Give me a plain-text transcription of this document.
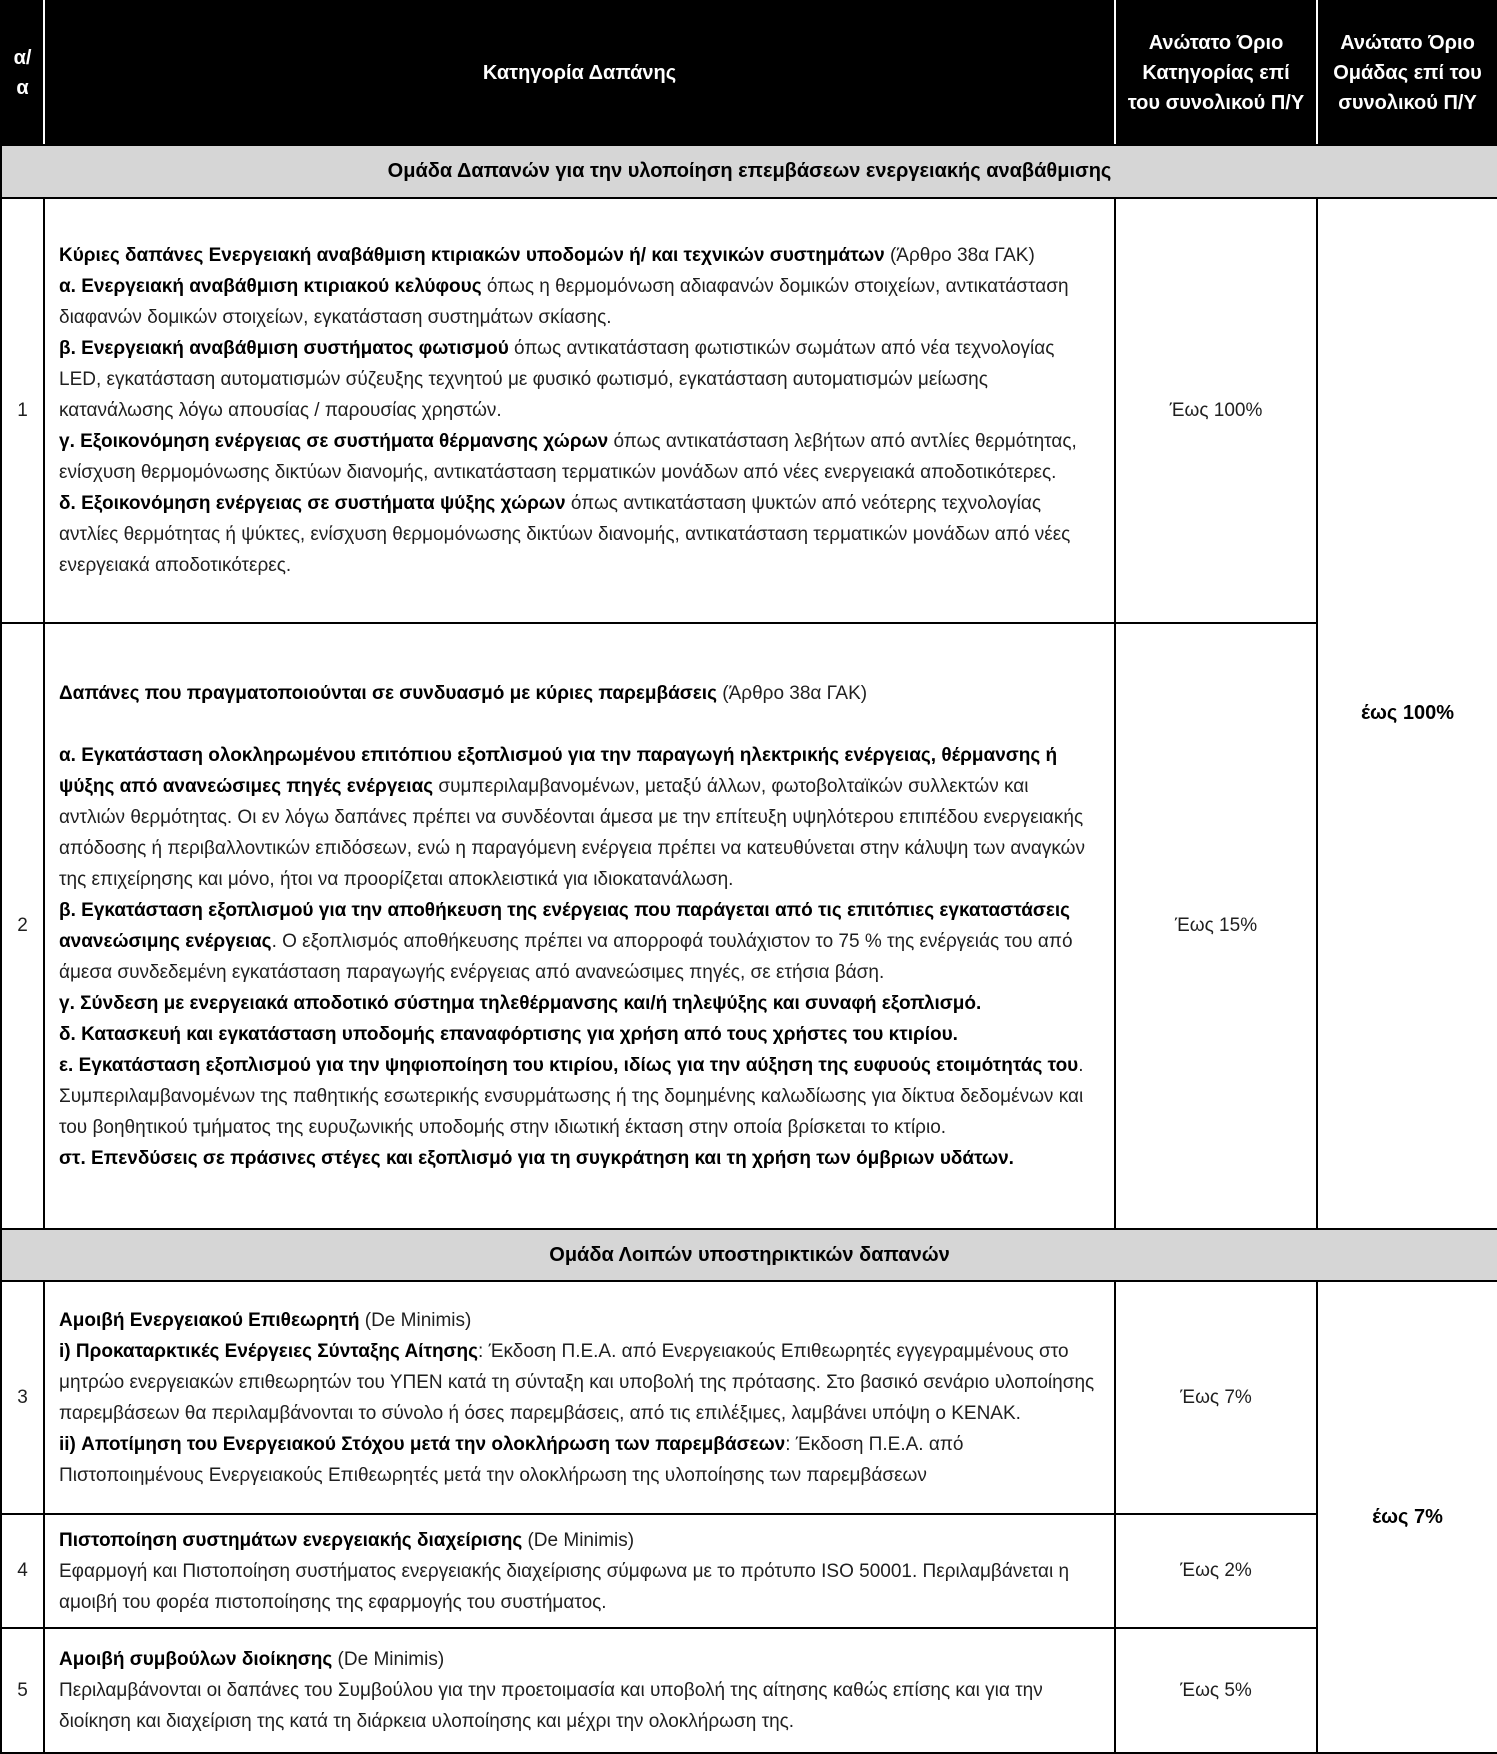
α/α	Κατηγορία Δαπάνης	Ανώτατο Όριο Κατηγορίας επί του συνολικού Π/Υ	Ανώτατο Όριο Ομάδας επί του συνολικού Π/Υ
Ομάδα Δαπανών για την υλοποίηση επεμβάσεων ενεργειακής αναβάθμισης			
1	Κύριες δαπάνες Ενεργειακή αναβάθμιση κτιριακών υποδομών ή/ και τεχνικών συστημάτων (Άρθρο 38α ΓΑΚ)

α. Ενεργειακή αναβάθμιση κτιριακού κελύφους όπως η θερμομόνωση αδιαφανών δομικών στοιχείων, αντικατάσταση διαφανών δομικών στοιχείων, εγκατάσταση συστημάτων σκίασης.

β. Ενεργειακή αναβάθμιση συστήματος φωτισμού όπως αντικατάσταση φωτιστικών σωμάτων από νέα τεχνολογίας LED, εγκατάσταση αυτοματισμών σύζευξης τεχνητού με φυσικό φωτισμό, εγκατάσταση αυτοματισμών μείωσης κατανάλωσης λόγω απουσίας / παρουσίας χρηστών.

γ. Εξοικονόμηση ενέργειας σε συστήματα θέρμανσης χώρων όπως αντικατάσταση λεβήτων από αντλίες θερμότητας, ενίσχυση θερμομόνωσης δικτύων διανομής, αντικατάσταση τερματικών μονάδων από νέες ενεργειακά αποδοτικότερες.

δ. Εξοικονόμηση ενέργειας σε συστήματα ψύξης χώρων όπως αντικατάσταση ψυκτών από νεότερης τεχνολογίας αντλίες θερμότητας ή ψύκτες, ενίσχυση θερμομόνωσης δικτύων διανομής, αντικατάσταση τερματικών μονάδων από νέες ενεργειακά αποδοτικότερες.	Έως 100%	έως 100%
2	

Δαπάνες που πραγματοποιούνται σε συνδυασμό με κύριες παρεμβάσεις (Άρθρο 38α ΓΑΚ)

α. Εγκατάσταση ολοκληρωμένου επιτόπιου εξοπλισμού για την παραγωγή ηλεκτρικής ενέργειας, θέρμανσης ή ψύξης από ανανεώσιμες πηγές ενέργειας συμπεριλαμβανομένων, μεταξύ άλλων, φωτοβολταϊκών συλλεκτών και αντλιών θερμότητας. Οι εν λόγω δαπάνες πρέπει να συνδέονται άμεσα με την επίτευξη υψηλότερου επιπέδου ενεργειακής απόδοσης ή περιβαλλοντικών επιδόσεων, ενώ η παραγόμενη ενέργεια πρέπει να κατευθύνεται στην κάλυψη των αναγκών της επιχείρησης και μόνο, ήτοι να προορίζεται αποκλειστικά για ιδιοκατανάλωση.

β. Εγκατάσταση εξοπλισμού για την αποθήκευση της ενέργειας που παράγεται από τις επιτόπιες εγκαταστάσεις ανανεώσιμης ενέργειας. Ο εξοπλισμός αποθήκευσης πρέπει να απορροφά τουλάχιστον το 75 % της ενέργειάς του από άμεσα συνδεδεμένη εγκατάσταση παραγωγής ενέργειας από ανανεώσιμες πηγές, σε ετήσια βάση.

γ. Σύνδεση με ενεργειακά αποδοτικό σύστημα τηλεθέρμανσης και/ή τηλεψύξης και συναφή εξοπλισμό.

δ. Κατασκευή και εγκατάσταση υποδομής επαναφόρτισης για χρήση από τους χρήστες του κτιρίου.

ε. Εγκατάσταση εξοπλισμού για την ψηφιοποίηση του κτιρίου, ιδίως για την αύξηση της ευφυούς ετοιμότητάς του. Συμπεριλαμβανομένων της παθητικής εσωτερικής ενσυρμάτωσης ή της δομημένης καλωδίωσης για δίκτυα δεδομένων και του βοηθητικού τμήματος της ευρυζωνικής υποδομής στην ιδιωτική έκταση στην οποία βρίσκεται το κτίριο.

στ. Επενδύσεις σε πράσινες στέγες και εξοπλισμό για τη συγκράτηση και τη χρήση των όμβριων υδάτων.

	Έως 15%
Ομάδα Λοιπών υποστηρικτικών δαπανών			
3	Αμοιβή Ενεργειακού Επιθεωρητή (De Minimis)

i) Προκαταρκτικές Ενέργειες Σύνταξης Αίτησης: Έκδοση Π.Ε.Α. από Ενεργειακούς Επιθεωρητές εγγεγραμμένους στο μητρώο ενεργειακών επιθεωρητών του ΥΠΕΝ κατά τη σύνταξη και υποβολή της πρότασης. Στο βασικό σενάριο υλοποίησης παρεμβάσεων θα περιλαμβάνονται το σύνολο ή όσες παρεμβάσεις, από τις επιλέξιμες, λαμβάνει υπόψη ο ΚΕΝΑΚ.

ii) Αποτίμηση του Ενεργειακού Στόχου μετά την ολοκλήρωση των παρεμβάσεων: Έκδοση Π.Ε.Α. από Πιστοποιημένους Ενεργειακούς Επιθεωρητές μετά την ολοκλήρωση της υλοποίησης των παρεμβάσεων	Έως 7%	έως 7%
4	Πιστοποίηση συστημάτων ενεργειακής διαχείρισης (De Minimis)

Εφαρμογή και Πιστοποίηση συστήματος ενεργειακής διαχείρισης σύμφωνα με το πρότυπο ISO 50001. Περιλαμβάνεται η αμοιβή του φορέα πιστοποίησης της εφαρμογής του συστήματος.	Έως 2%	
5	Αμοιβή συμβούλων διοίκησης (De Minimis)

Περιλαμβάνονται οι δαπάνες του Συμβούλου για την προετοιμασία και υποβολή της αίτησης καθώς επίσης και για την διοίκηση και διαχείριση της κατά τη διάρκεια υλοποίησης και μέχρι την ολοκλήρωση της.	Έως 5%	
